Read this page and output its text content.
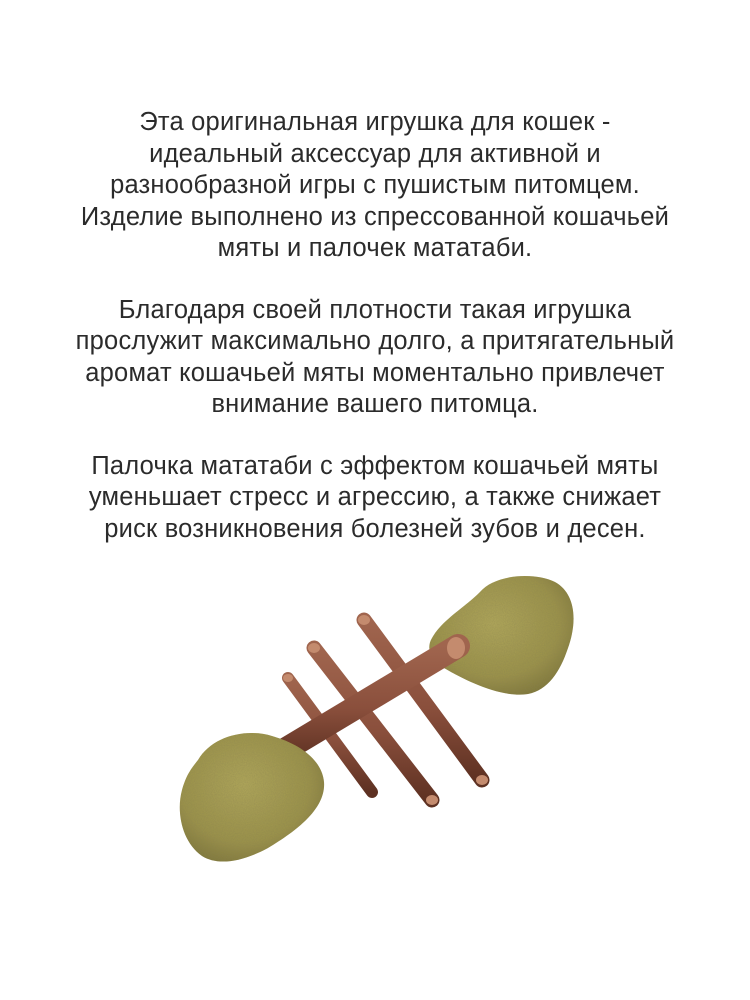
Эта оригинальная игрушка для кошек -
идеальный аксессуар для активной и
разнообразной игры с пушистым питомцем.
Изделие выполнено из спрессованной кошачьей
мяты и палочек мататаби.

Благодаря своей плотности такая игрушка
прослужит максимально долго, а притягательный
аромат кошачьей мяты моментально привлечет
внимание вашего питомца.

Палочка мататаби с эффектом кошачьей мяты
уменьшает стресс и агрессию, а также снижает
риск возникновения болезней зубов и десен.
